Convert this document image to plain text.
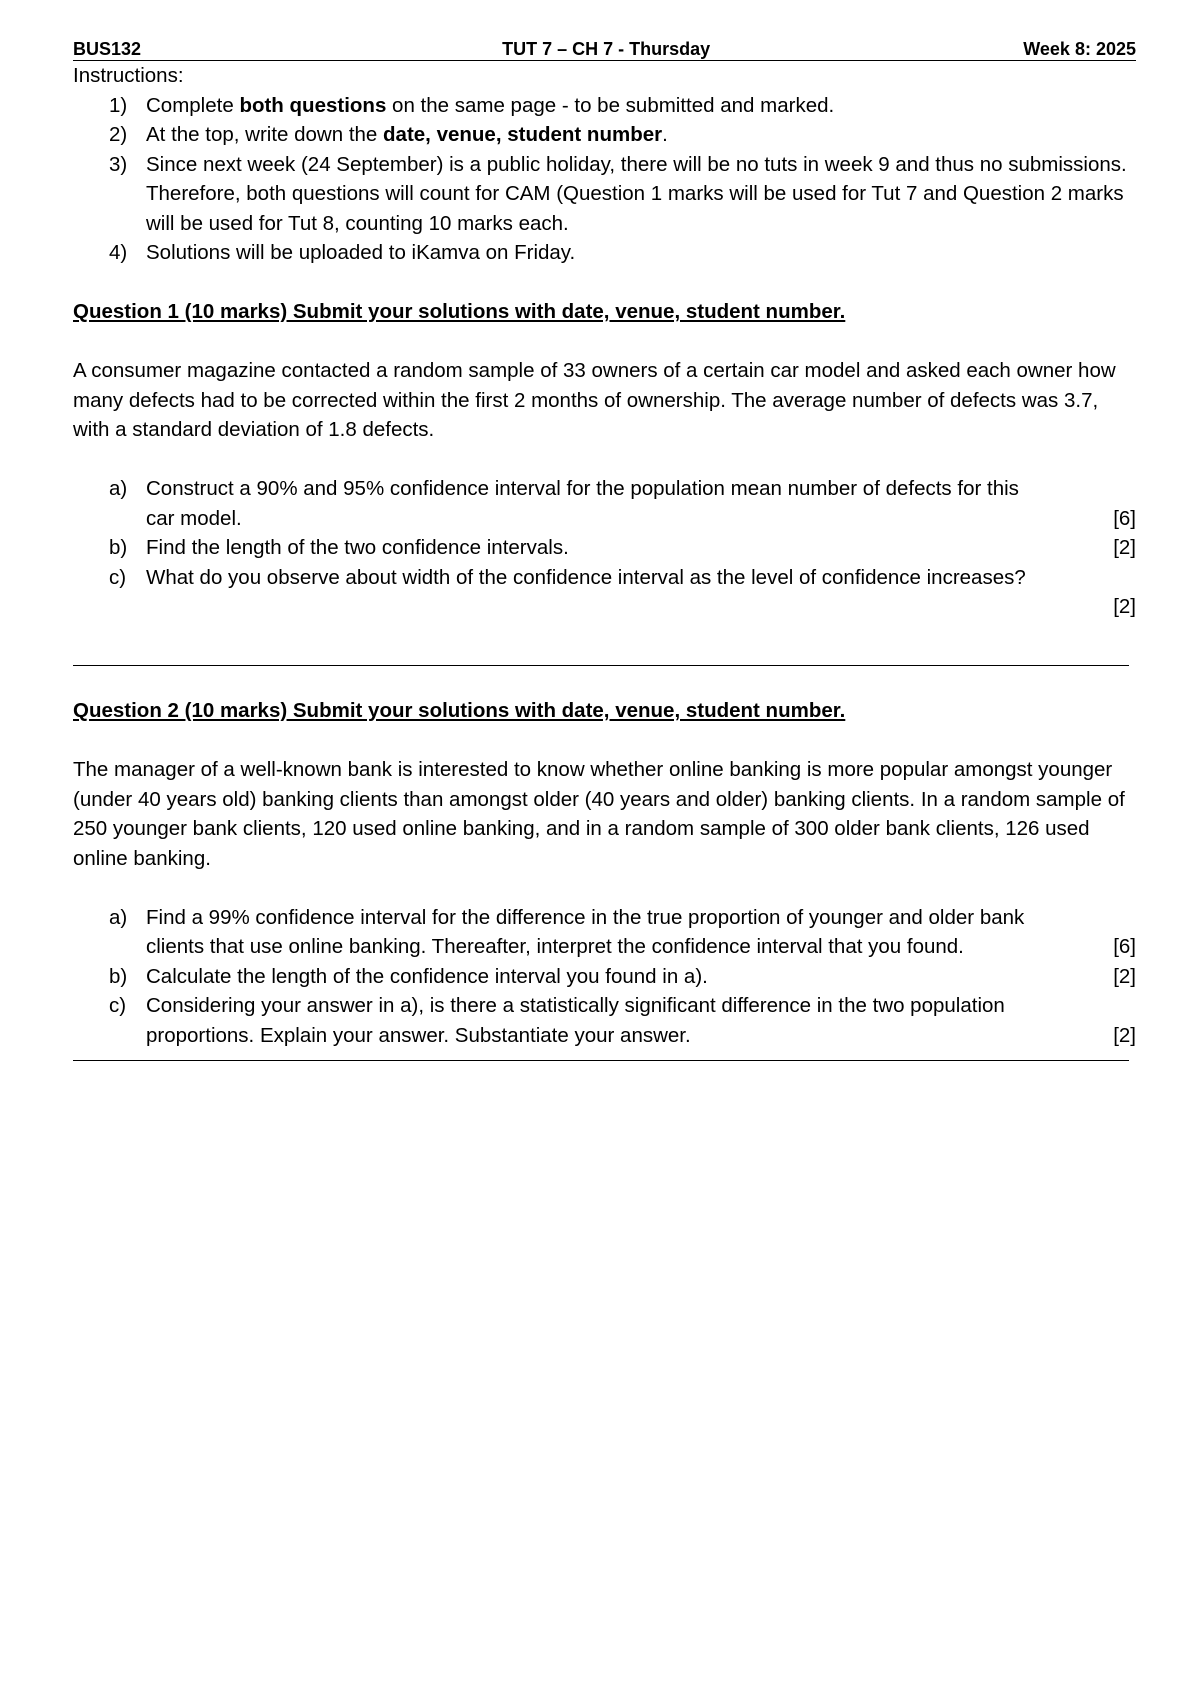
BUS132	TUT 7 – CH 7 - Thursday	Week 8: 2025

Instructions:

1) Complete both questions on the same page - to be submitted and marked.
2) At the top, write down the date, venue, student number.
3) Since next week (24 September) is a public holiday, there will be no tuts in week 9 and thus no submissions. Therefore, both questions will count for CAM (Question 1 marks will be used for Tut 7 and Question 2 marks will be used for Tut 8, counting 10 marks each.
4) Solutions will be uploaded to iKamva on Friday.

Question 1 (10 marks) Submit your solutions with date, venue, student number.

A consumer magazine contacted a random sample of 33 owners of a certain car model and asked each owner how many defects had to be corrected within the first 2 months of ownership. The average number of defects was 3.7, with a standard deviation of 1.8 defects.

a) Construct a 90% and 95% confidence interval for the population mean number of defects for this
car model.	[6]
b) Find the length of the two confidence intervals.	[2]
c) What do you observe about width of the confidence interval as the level of confidence increases?
[2]

Question 2 (10 marks) Submit your solutions with date, venue, student number.

The manager of a well-known bank is interested to know whether online banking is more popular amongst younger (under 40 years old) banking clients than amongst older (40 years and older) banking clients. In a random sample of 250 younger bank clients, 120 used online banking, and in a random sample of 300 older bank clients, 126 used online banking.

a) Find a 99% confidence interval for the difference in the true proportion of younger and older bank
clients that use online banking. Thereafter, interpret the confidence interval that you found.	[6]
b) Calculate the length of the confidence interval you found in a).	[2]
c) Considering your answer in a), is there a statistically significant difference in the two population
proportions. Explain your answer. Substantiate your answer.	[2]
